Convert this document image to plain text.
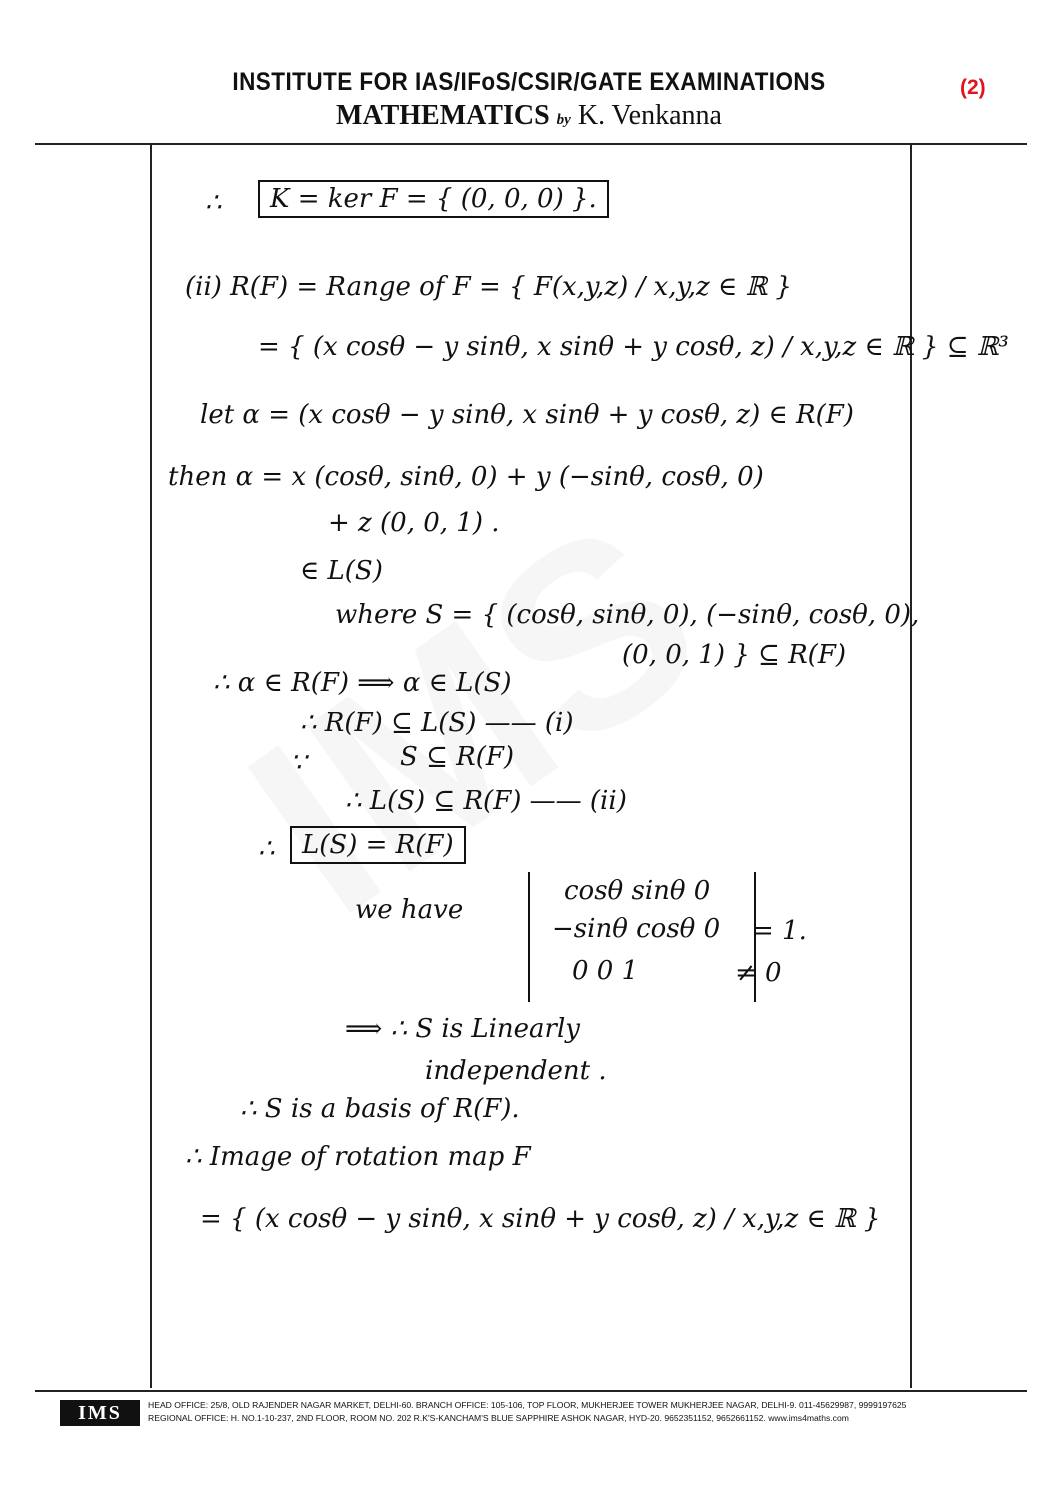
INSTITUTE FOR IAS/IFoS/CSIR/GATE EXAMINATIONS
MATHEMATICS by K. Venkanna
(2)
∴	K = ker F = { (0, 0, 0) }.
(ii) R(F) = Range of F = { F(x,y,z) / x,y,z ∈ ℝ }
= { (x cosθ − y sinθ, x sinθ + y cosθ, z) / x,y,z ∈ ℝ } ⊆ ℝ³
let α = (x cosθ − y sinθ, x sinθ + y cosθ, z) ∈ R(F)
then α = x (cosθ, sinθ, 0) + y (−sinθ, cosθ, 0)
+ z (0, 0, 1) .
∈ L(S)
where S = { (cosθ, sinθ, 0), (−sinθ, cosθ, 0),
(0, 0, 1) } ⊆ R(F)
∴ α ∈ R(F) ⟹ α ∈ L(S)
∴ R(F) ⊆ L(S) —— (i)
∵	S ⊆ R(F)
∴ L(S) ⊆ R(F) —— (ii)
∴	L(S) = R(F)
we have
cosθ sinθ 0
−sinθ cosθ 0
0 0 1
= 1.
≠ 0
⟹ ∴ S is Linearly
independent .
∴ S is a basis of R(F).
∴ Image of rotation map F
= { (x cosθ − y sinθ, x sinθ + y cosθ, z) / x,y,z ∈ ℝ }
IMS	HEAD OFFICE: 25/8, OLD RAJENDER NAGAR MARKET, DELHI-60. BRANCH OFFICE: 105-106, TOP FLOOR, MUKHERJEE TOWER MUKHERJEE NAGAR, DELHI-9. 011-45629987, 9999197625
REGIONAL OFFICE: H. NO.1-10-237, 2ND FLOOR, ROOM NO. 202 R.K'S-KANCHAM'S BLUE SAPPHIRE ASHOK NAGAR, HYD-20. 9652351152, 9652661152. www.ims4maths.com
